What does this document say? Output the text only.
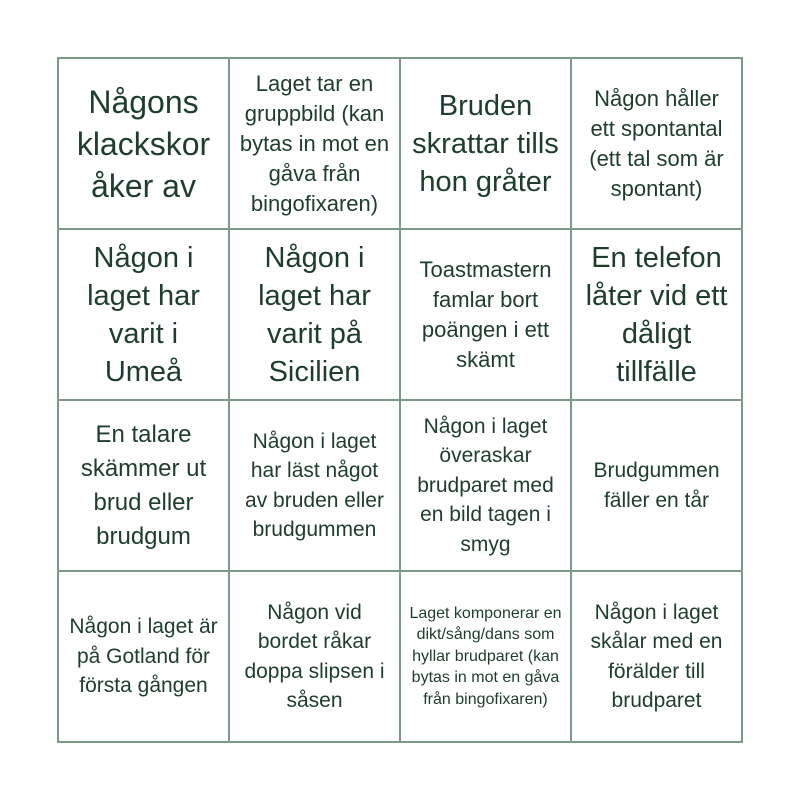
Någons klackskor åker av
Laget tar en gruppbild (kan bytas in mot en gåva från bingofixaren)
Bruden skrattar tills hon gråter
Någon håller ett spontantal (ett tal som är spontant)
Någon i laget har varit i Umeå
Någon i laget har varit på Sicilien
Toastmastern famlar bort poängen i ett skämt
En telefon låter vid ett dåligt tillfälle
En talare skämmer ut brud eller brudgum
Någon i laget har läst något av bruden eller brudgummen
Någon i laget överaskar brudparet med en bild tagen i smyg
Brudgummen fäller en tår
Någon i laget är på Gotland för första gången
Någon vid bordet råkar doppa slipsen i såsen
Laget komponerar en dikt/sång/dans som hyllar brudparet (kan bytas in mot en gåva från bingofixaren)
Någon i laget skålar med en förälder till brudparet
